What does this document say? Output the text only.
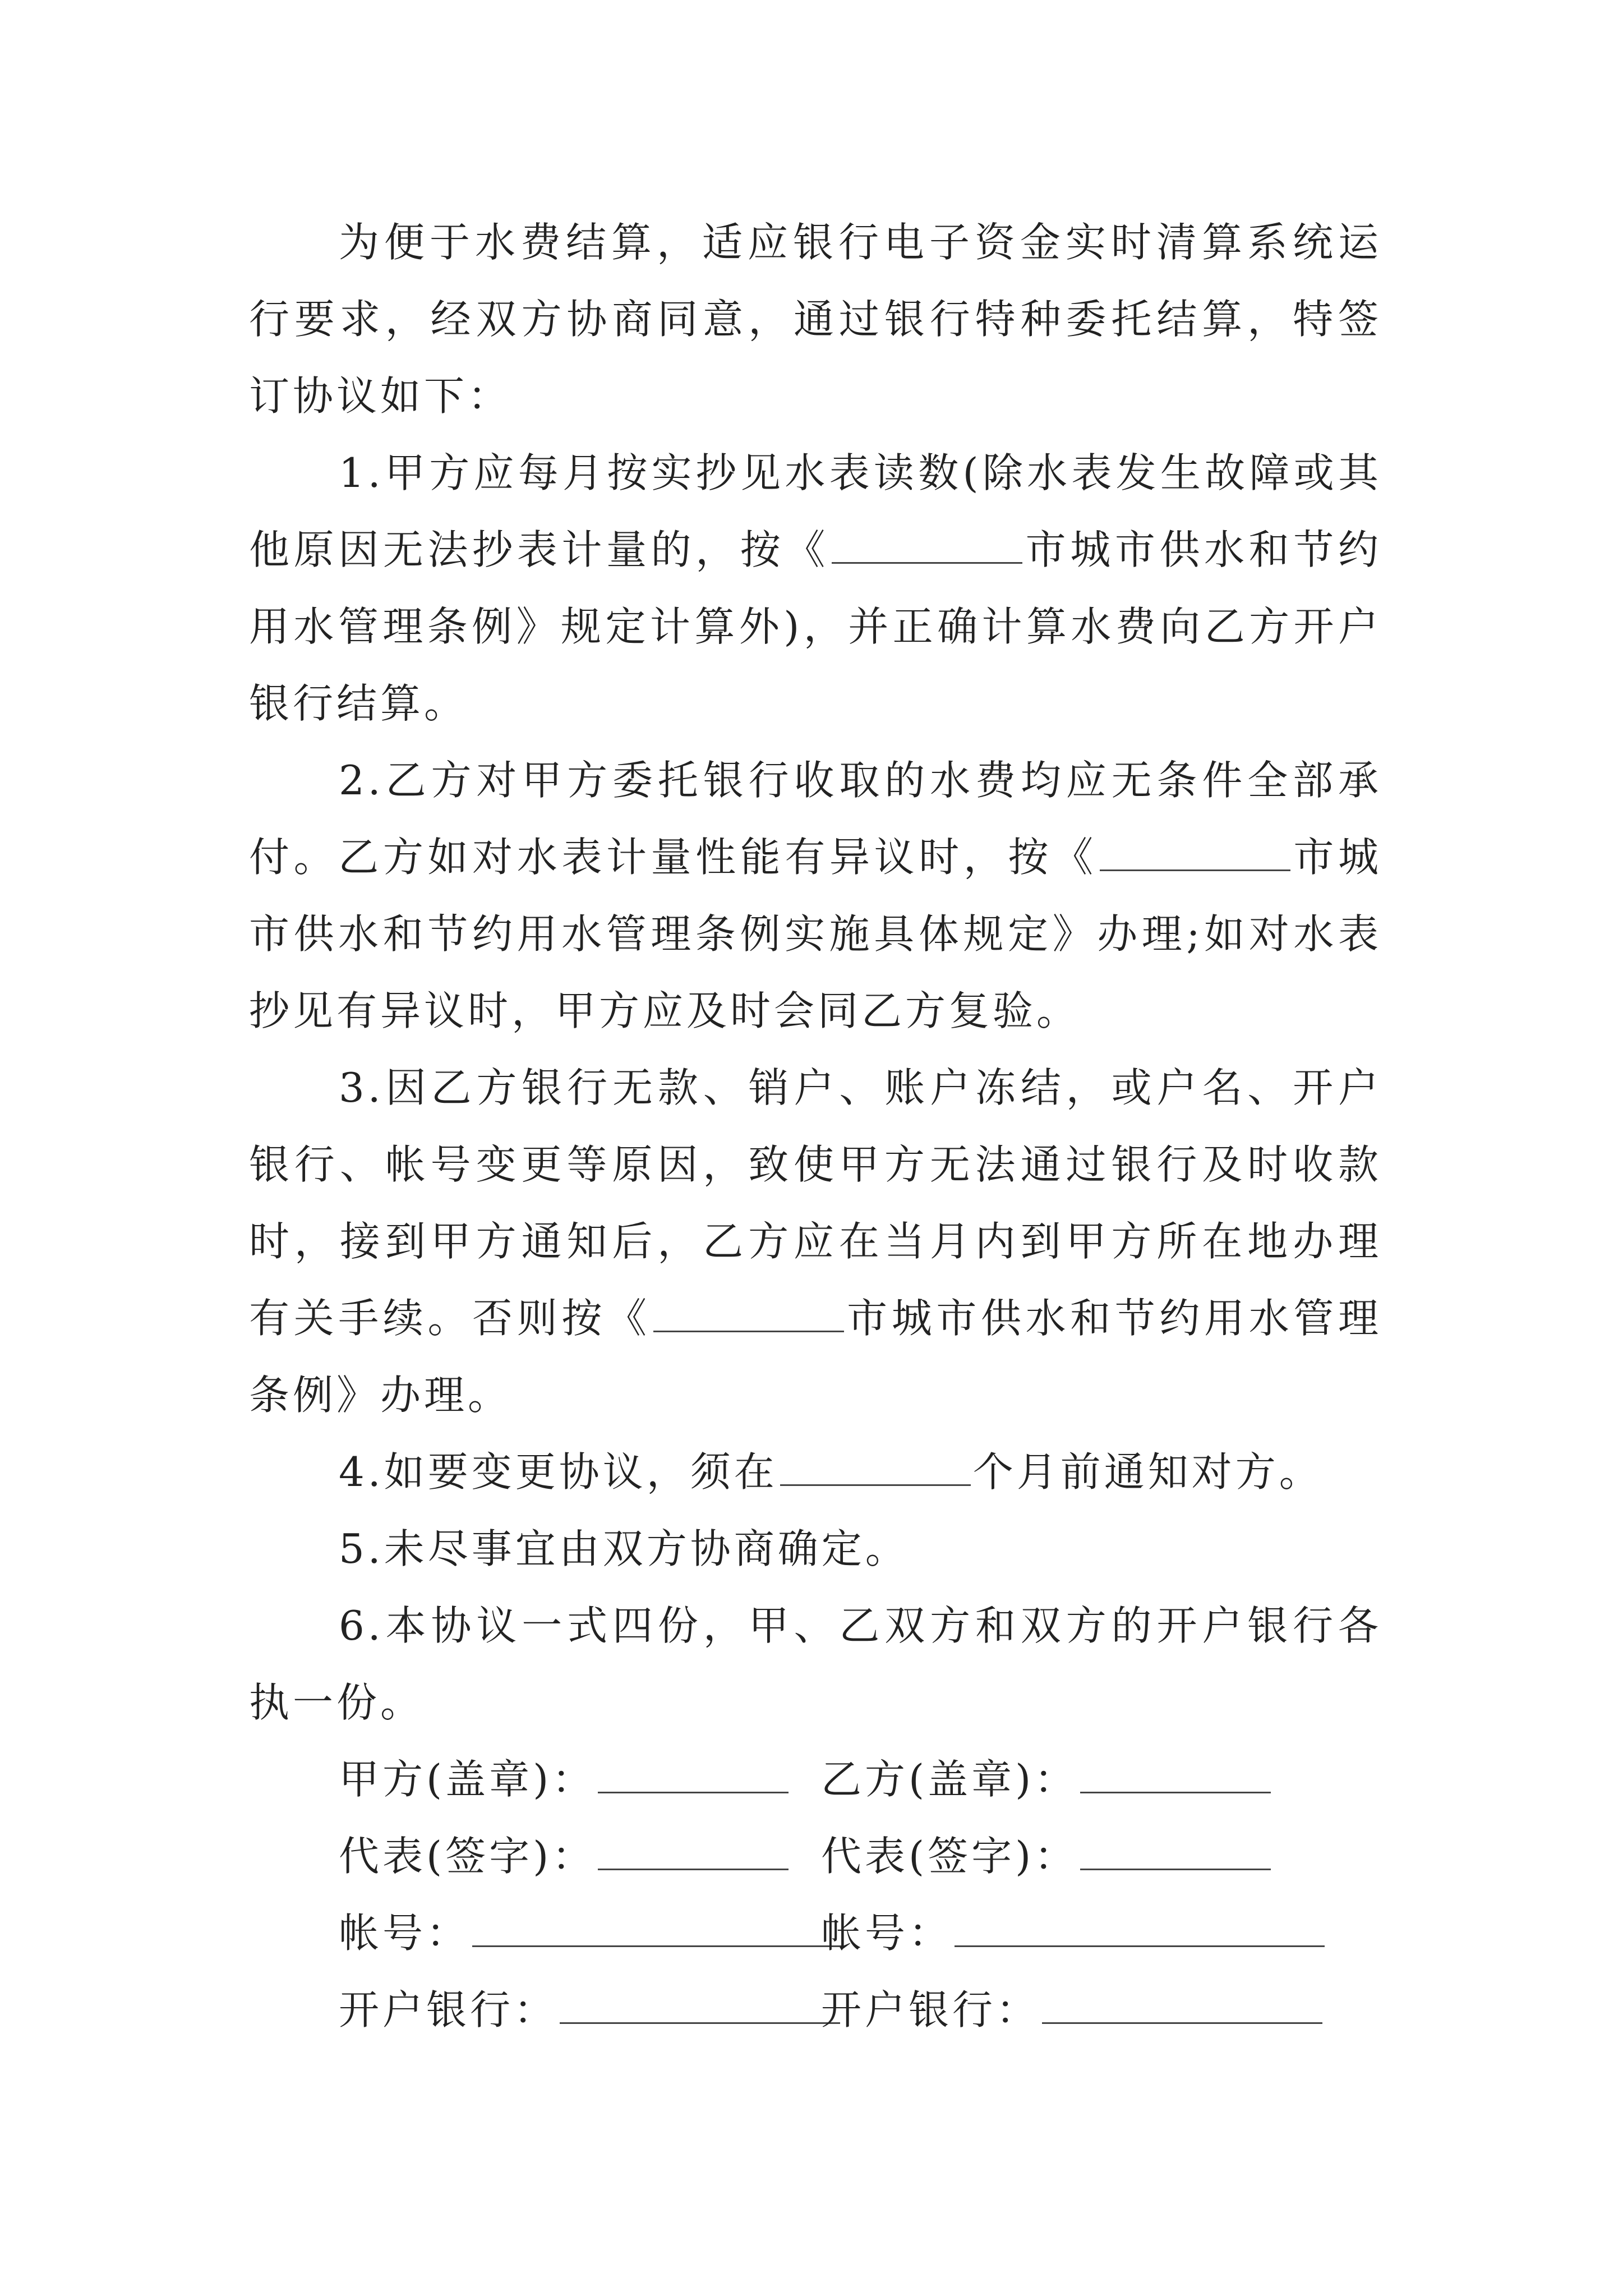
为便于水费结算，适应银行电子资金实时清算系统运行要求，经双方协商同意，通过银行特种委托结算，特签订协议如下：

1.甲方应每月按实抄见水表读数(除水表发生故障或其他原因无法抄表计量的，按《	市城市供水和节约用水管理条例》规定计算外)，并正确计算水费向乙方开户银行结算。

2.乙方对甲方委托银行收取的水费均应无条件全部承付。乙方如对水表计量性能有异议时，按《	市城市供水和节约用水管理条例实施具体规定》办理;如对水表抄见有异议时，甲方应及时会同乙方复验。

3.因乙方银行无款、销户、账户冻结，或户名、开户银行、帐号变更等原因，致使甲方无法通过银行及时收款时，接到甲方通知后，乙方应在当月内到甲方所在地办理有关手续。否则按《	市城市供水和节约用水管理条例》办理。

4.如要变更协议，须在	个月前通知对方。

5.未尽事宜由双方协商确定。

6.本协议一式四份，甲、乙双方和双方的开户银行各执一份。

甲方(盖章)：	乙方(盖章)：
代表(签字)：	代表(签字)：
帐号：	帐号：
开户银行：	开户银行：
